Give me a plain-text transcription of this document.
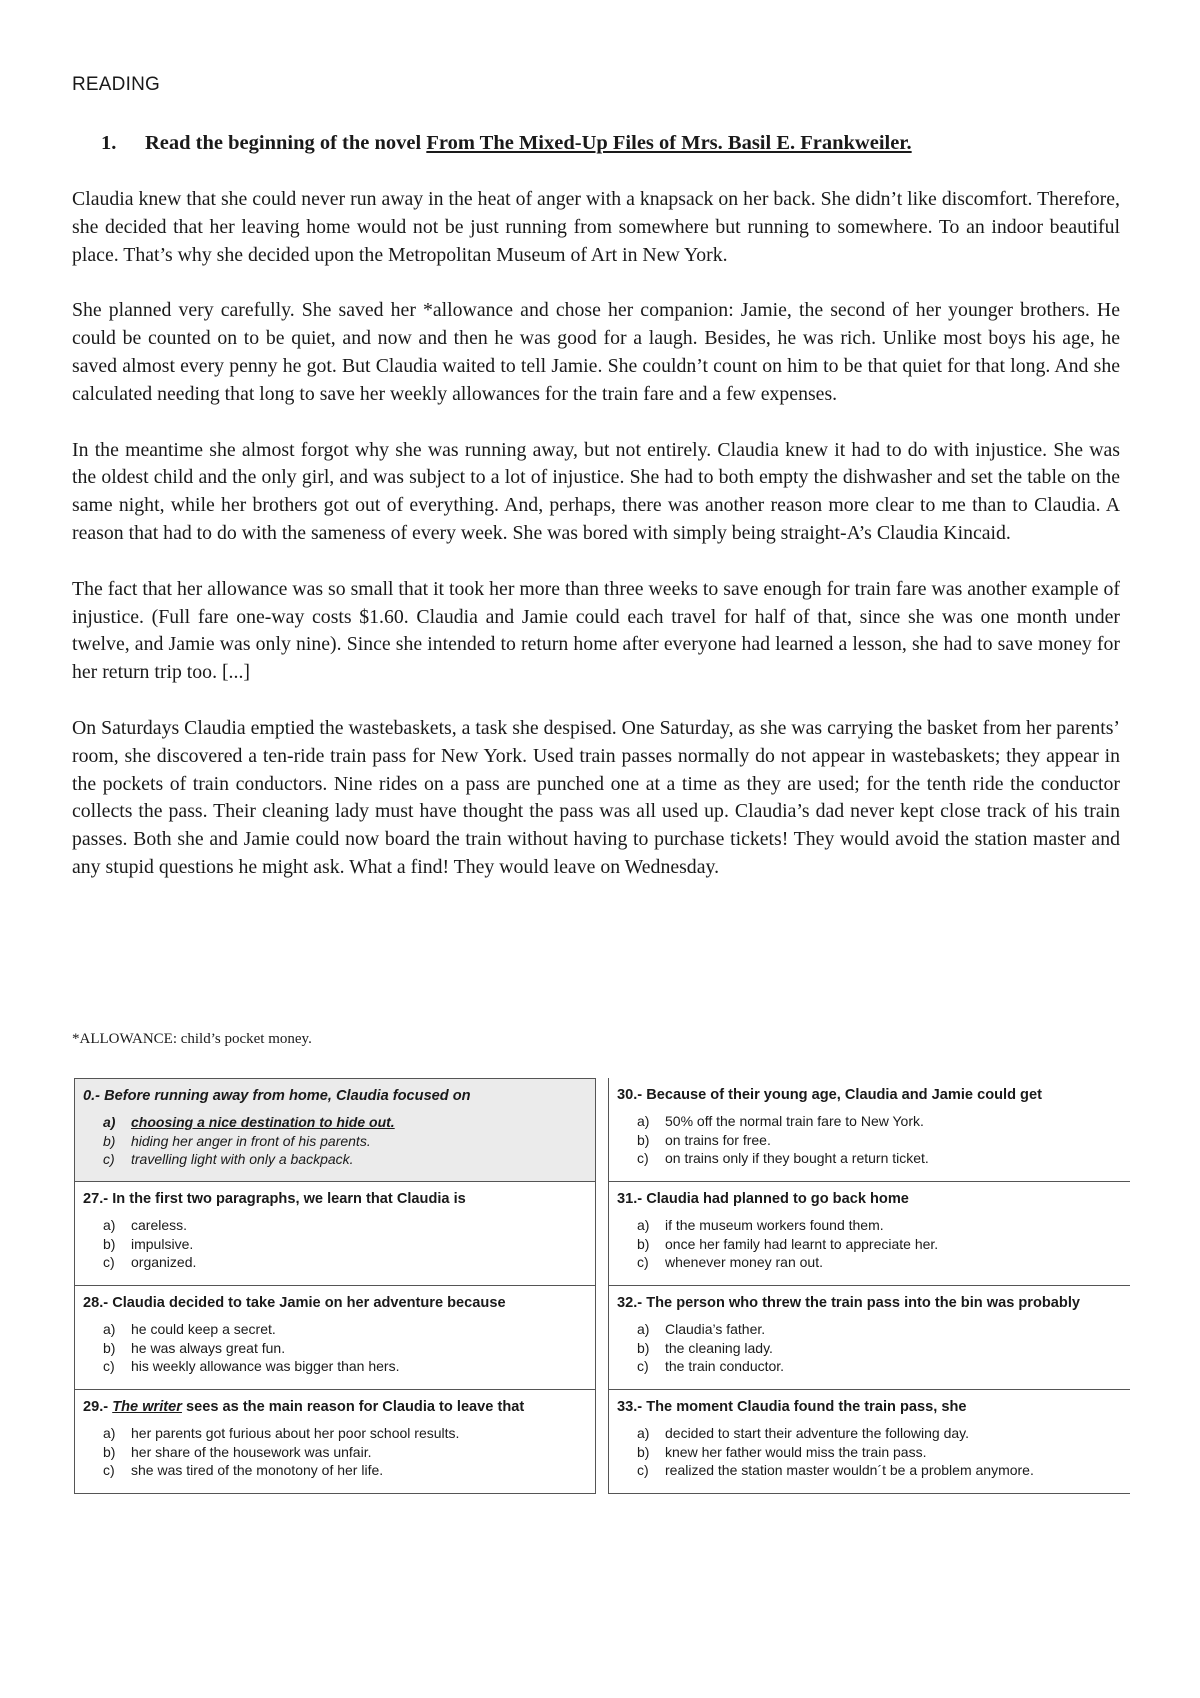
READING
1. Read the beginning of the novel From The Mixed-Up Files of Mrs. Basil E. Frankweiler.

Claudia knew that she could never run away in the heat of anger with a knapsack on her back. She didn’t like discomfort. Therefore, she decided that her leaving home would not be just running from somewhere but running to somewhere. To an indoor beautiful place. That’s why she decided upon the Metropolitan Museum of Art in New York.

She planned very carefully. She saved her *allowance and chose her companion: Jamie, the second of her younger brothers. He could be counted on to be quiet, and now and then he was good for a laugh. Besides, he was rich. Unlike most boys his age, he saved almost every penny he got. But Claudia waited to tell Jamie. She couldn’t count on him to be that quiet for that long. And she calculated needing that long to save her weekly allowances for the train fare and a few expenses.

In the meantime she almost forgot why she was running away, but not entirely. Claudia knew it had to do with injustice. She was the oldest child and the only girl, and was subject to a lot of injustice. She had to both empty the dishwasher and set the table on the same night, while her brothers got out of everything. And, perhaps, there was another reason more clear to me than to Claudia. A reason that had to do with the sameness of every week. She was bored with simply being straight-A’s Claudia Kincaid.

The fact that her allowance was so small that it took her more than three weeks to save enough for train fare was another example of injustice. (Full fare one-way costs $1.60. Claudia and Jamie could each travel for half of that, since she was one month under twelve, and Jamie was only nine). Since she intended to return home after everyone had learned a lesson, she had to save money for her return trip too. [...]

On Saturdays Claudia emptied the wastebaskets, a task she despised. One Saturday, as she was carrying the basket from her parents’ room, she discovered a ten-ride train pass for New York. Used train passes normally do not appear in wastebaskets; they appear in the pockets of train conductors. Nine rides on a pass are punched one at a time as they are used; for the tenth ride the conductor collects the pass. Their cleaning lady must have thought the pass was all used up. Claudia’s dad never kept close track of his train passes. Both she and Jamie could now board the train without having to purchase tickets! They would avoid the station master and any stupid questions he might ask. What a find! They would leave on Wednesday.

*ALLOWANCE: child’s pocket money.
0.- Before running away from home, Claudia focused on
a) choosing a nice destination to hide out.
b) hiding her anger in front of his parents.
c) travelling light with only a backpack.
27.- In the first two paragraphs, we learn that Claudia is
a) careless.
b) impulsive.
c) organized.
28.- Claudia decided to take Jamie on her adventure because
a) he could keep a secret.
b) he was always great fun.
c) his weekly allowance was bigger than hers.
29.- The writer sees as the main reason for Claudia to leave that
a) her parents got furious about her poor school results.
b) her share of the housework was unfair.
c) she was tired of the monotony of her life.
30.- Because of their young age, Claudia and Jamie could get
a) 50% off the normal train fare to New York.
b) on trains for free.
c) on trains only if they bought a return ticket.
31.- Claudia had planned to go back home
a) if the museum workers found them.
b) once her family had learnt to appreciate her.
c) whenever money ran out.
32.- The person who threw the train pass into the bin was probably
a) Claudia’s father.
b) the cleaning lady.
c) the train conductor.
33.- The moment Claudia found the train pass, she
a) decided to start their adventure the following day.
b) knew her father would miss the train pass.
c) realized the station master wouldn´t be a problem anymore.
